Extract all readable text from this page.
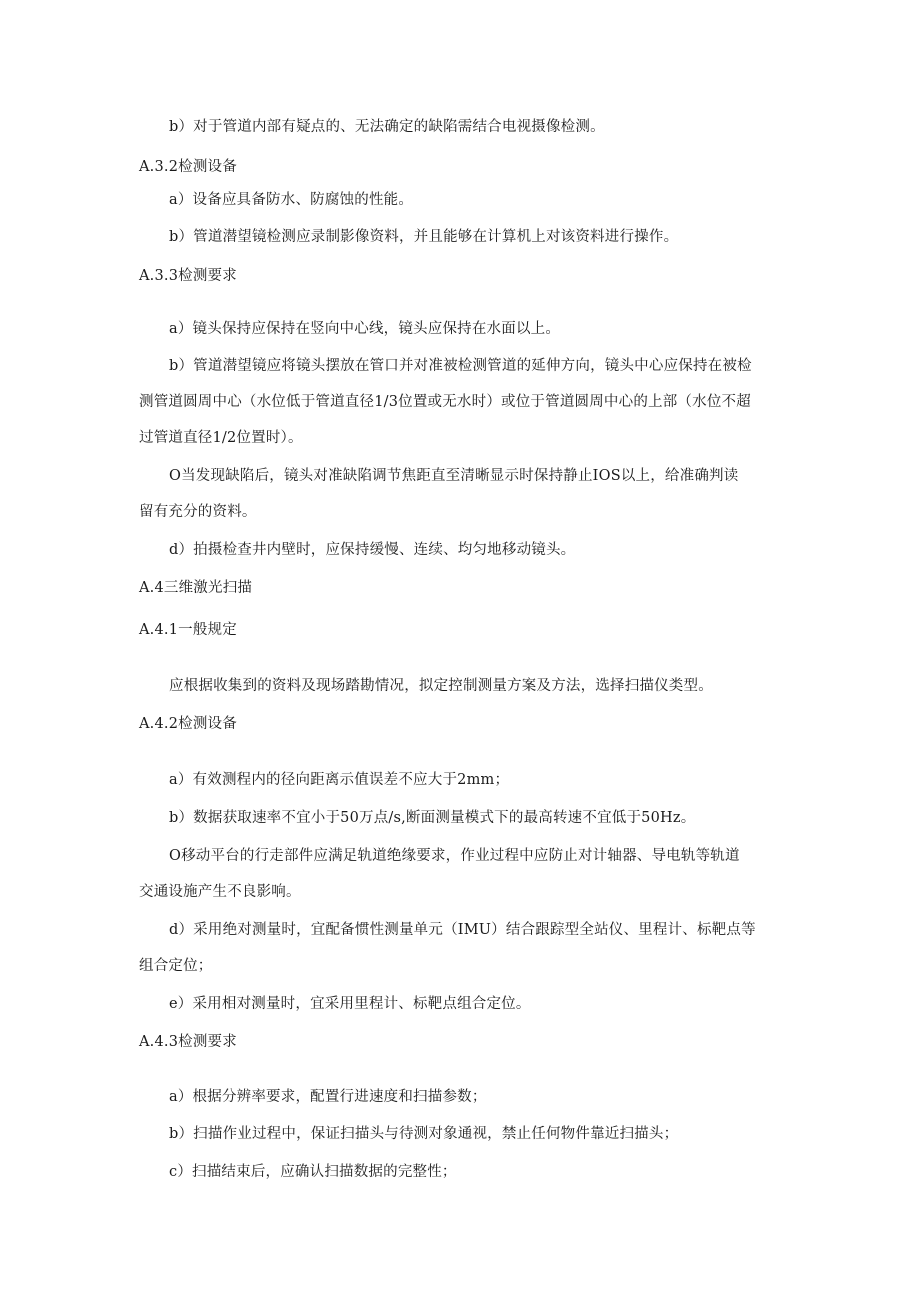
b）对于管道内部有疑点的、无法确定的缺陷需结合电视摄像检测。
A.3.2检测设备
a）设备应具备防水、防腐蚀的性能。
b）管道潜望镜检测应录制影像资料，并且能够在计算机上对该资料进行操作。
A.3.3检测要求
a）镜头保持应保持在竖向中心线，镜头应保持在水面以上。
b）管道潜望镜应将镜头摆放在管口并对准被检测管道的延伸方向，镜头中心应保持在被检
测管道圆周中心（水位低于管道直径1/3位置或无水时）或位于管道圆周中心的上部（水位不超
过管道直径1/2位置时）。
O当发现缺陷后，镜头对准缺陷调节焦距直至清晰显示时保持静止IOS以上，给准确判读
留有充分的资料。
d）拍摄检查井内壁时，应保持缓慢、连续、均匀地移动镜头。
A.4三维激光扫描
A.4.1一般规定
应根据收集到的资料及现场踏勘情况，拟定控制测量方案及方法，选择扫描仪类型。
A.4.2检测设备
a）有效测程内的径向距离示值误差不应大于2mm；
b）数据获取速率不宜小于50万点/s,断面测量模式下的最高转速不宜低于50Hz。
O移动平台的行走部件应满足轨道绝缘要求，作业过程中应防止对计轴器、导电轨等轨道
交通设施产生不良影响。
d）采用绝对测量时，宜配备惯性测量单元（IMU）结合跟踪型全站仪、里程计、标靶点等
组合定位；
e）采用相对测量时，宜采用里程计、标靶点组合定位。
A.4.3检测要求
a）根据分辨率要求，配置行进速度和扫描参数；
b）扫描作业过程中，保证扫描头与待测对象通视，禁止任何物件靠近扫描头；
c）扫描结束后，应确认扫描数据的完整性；
